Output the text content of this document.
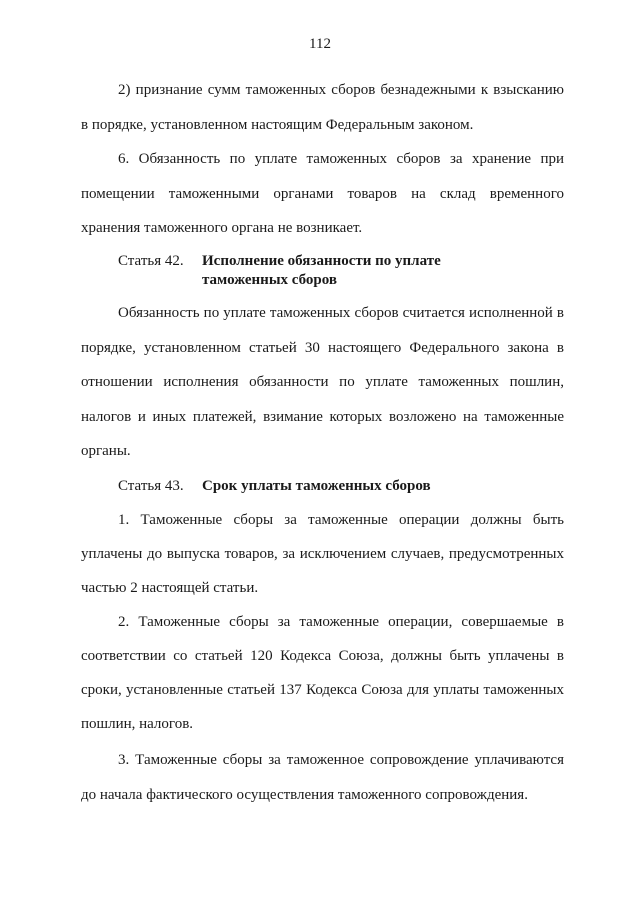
112

2) признание сумм таможенных сборов безнадежными к взысканию в порядке, установленном настоящим Федеральным законом.

6. Обязанность по уплате таможенных сборов за хранение при помещении таможенными органами товаров на склад временного хранения таможенного органа не возникает.

Статья 42.	Исполнение обязанности по уплате таможенных сборов

Обязанность по уплате таможенных сборов считается исполненной в порядке, установленном статьей 30 настоящего Федерального закона в отношении исполнения обязанности по уплате таможенных пошлин, налогов и иных платежей, взимание которых возложено на таможенные органы.

Статья 43.	Срок уплаты таможенных сборов

1. Таможенные сборы за таможенные операции должны быть уплачены до выпуска товаров, за исключением случаев, предусмотренных частью 2 настоящей статьи.

2. Таможенные сборы за таможенные операции, совершаемые в соответствии со статьей 120 Кодекса Союза, должны быть уплачены в сроки, установленные статьей 137 Кодекса Союза для уплаты таможенных пошлин, налогов.

3. Таможенные сборы за таможенное сопровождение уплачиваются до начала фактического осуществления таможенного сопровождения.
